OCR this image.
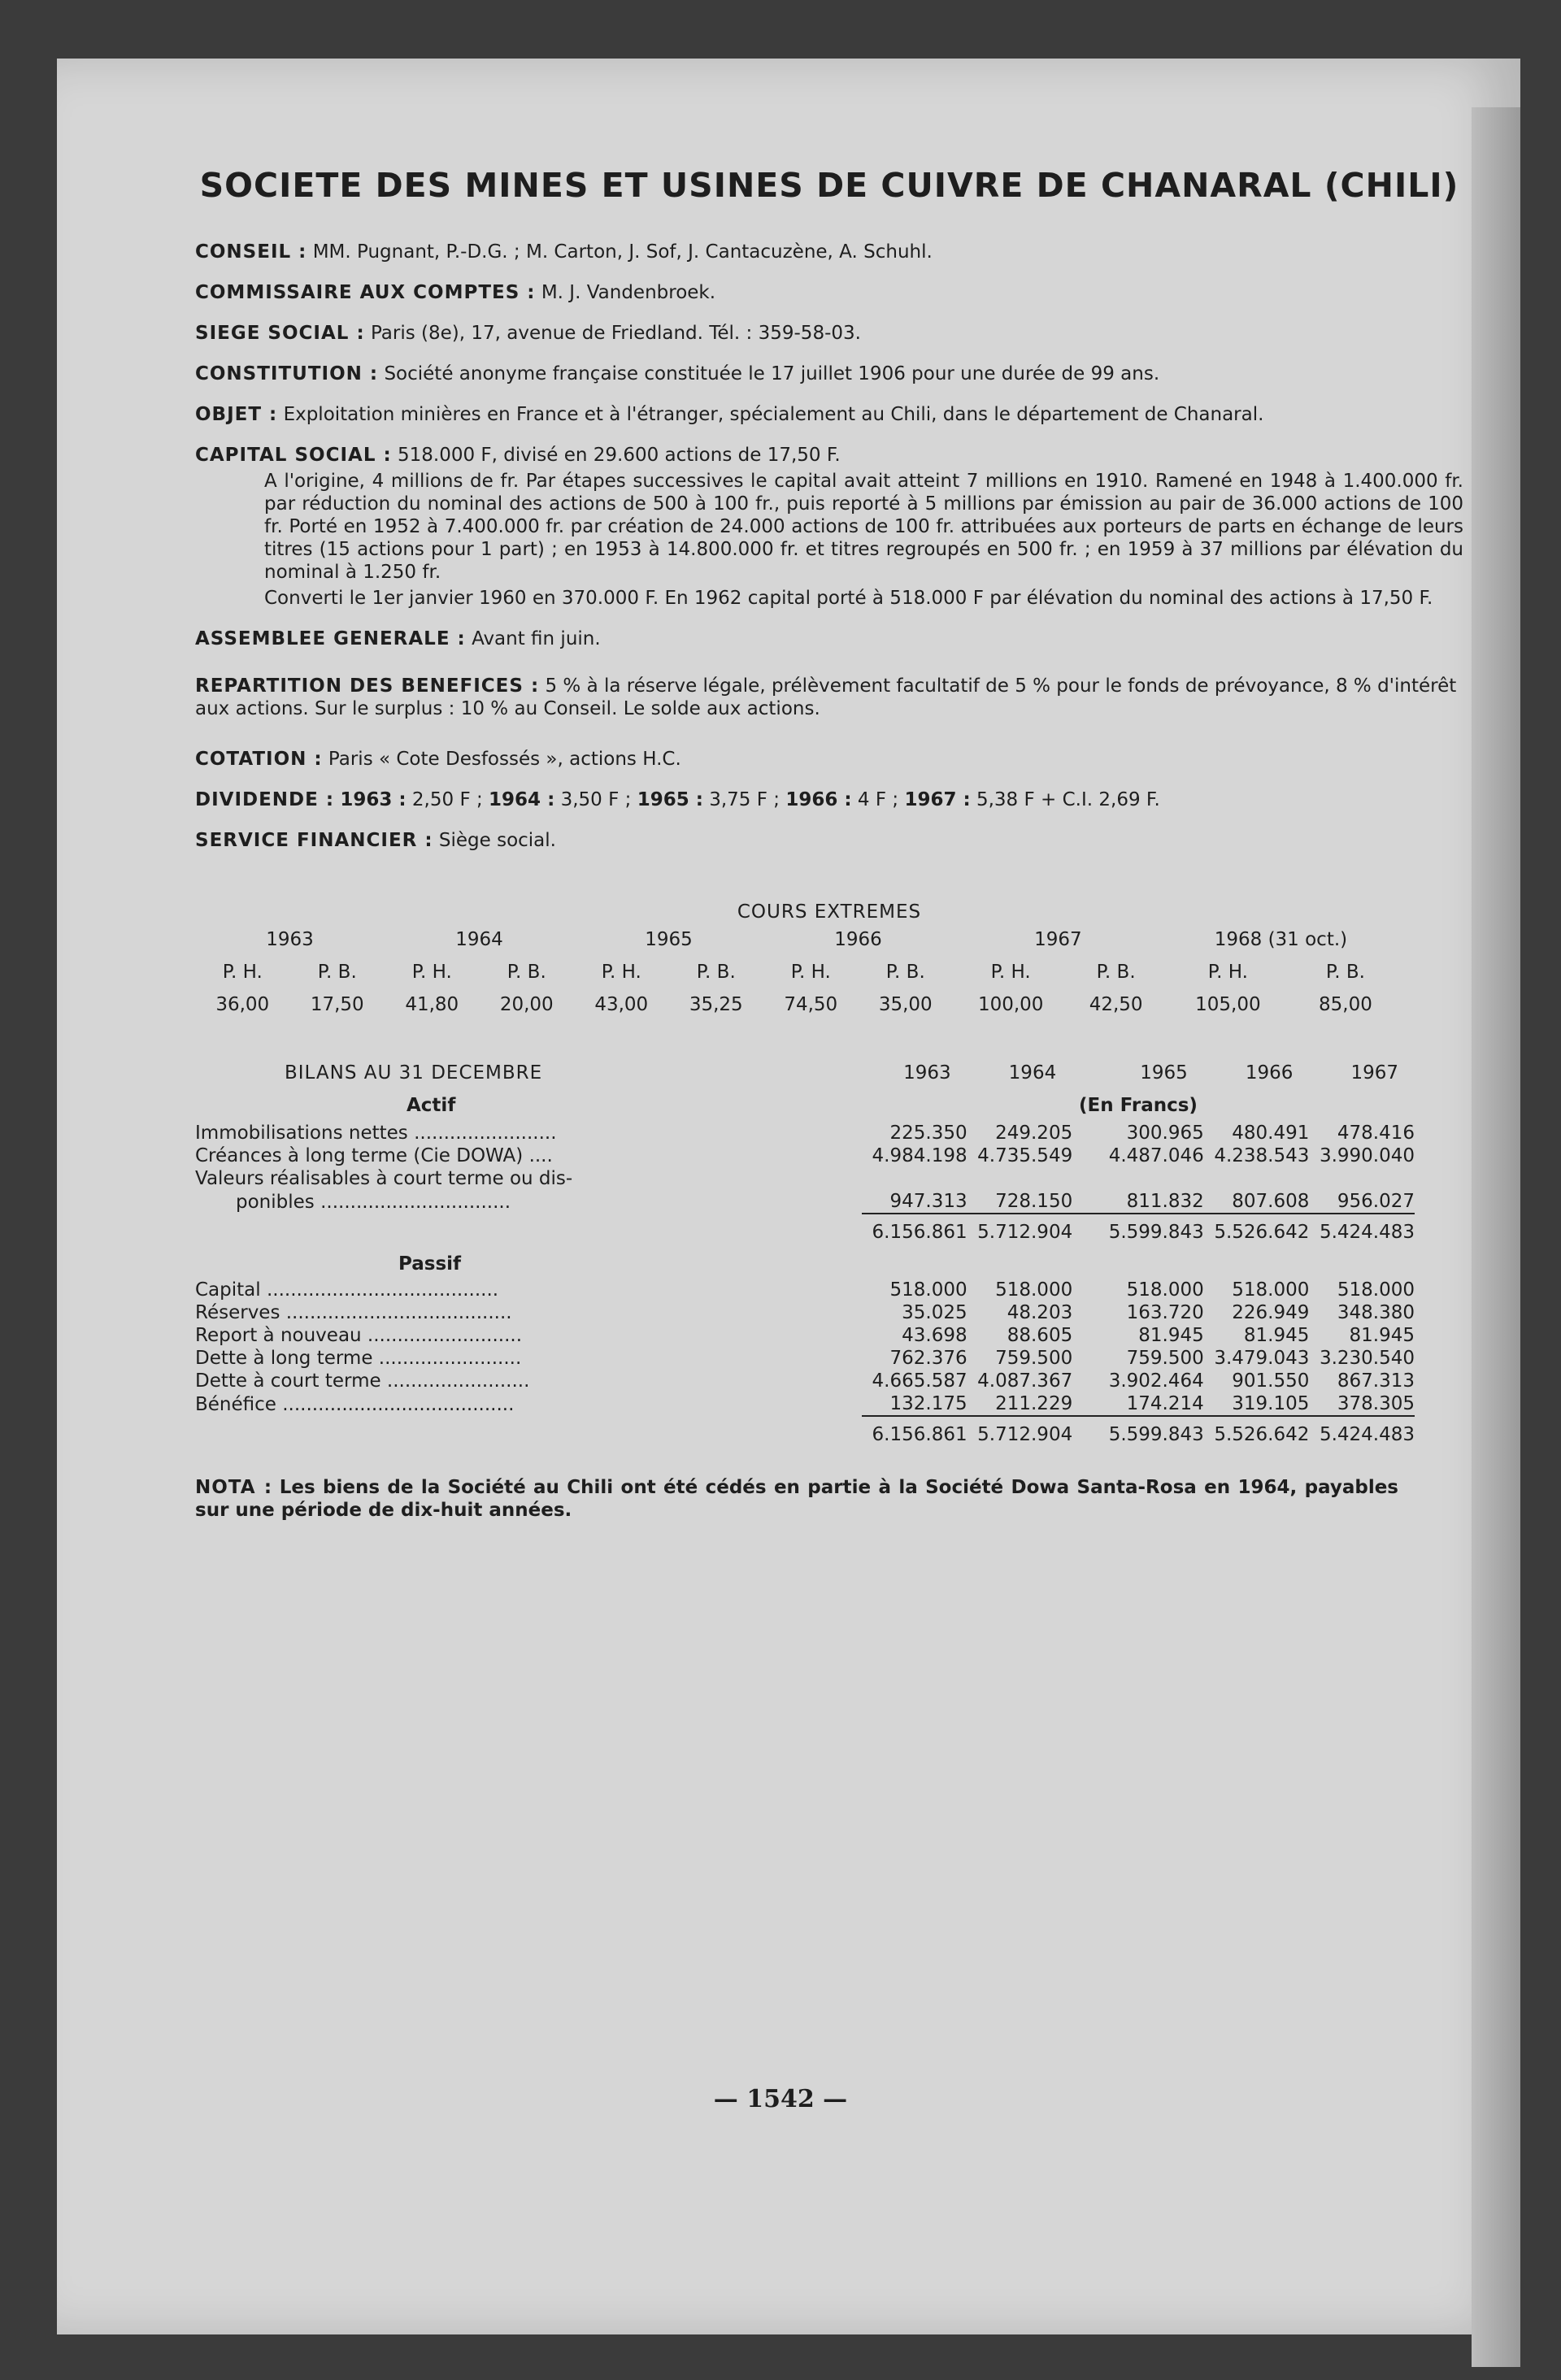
SOCIETE DES MINES ET USINES DE CUIVRE DE CHANARAL (CHILI)
CONSEIL : MM. Pugnant, P.-D.G. ; M. Carton, J. Sof, J. Cantacuzène, A. Schuhl.
COMMISSAIRE AUX COMPTES : M. J. Vandenbroek.
SIEGE SOCIAL : Paris (8e), 17, avenue de Friedland. Tél. : 359-58-03.
CONSTITUTION : Société anonyme française constituée le 17 juillet 1906 pour une durée de 99 ans.
OBJET : Exploitation minières en France et à l'étranger, spécialement au Chili, dans le département de Chanaral.
CAPITAL SOCIAL : 518.000 F, divisé en 29.600 actions de 17,50 F.
A l'origine, 4 millions de fr. Par étapes successives le capital avait atteint 7 millions en 1910. Ramené en 1948 à 1.400.000 fr. par réduction du nominal des actions de 500 à 100 fr., puis reporté à 5 millions par émission au pair de 36.000 actions de 100 fr. Porté en 1952 à 7.400.000 fr. par création de 24.000 actions de 100 fr. attribuées aux porteurs de parts en échange de leurs titres (15 actions pour 1 part) ; en 1953 à 14.800.000 fr. et titres regroupés en 500 fr. ; en 1959 à 37 millions par élévation du nominal à 1.250 fr.
Converti le 1er janvier 1960 en 370.000 F. En 1962 capital porté à 518.000 F par élévation du nominal des actions à 17,50 F.
ASSEMBLEE GENERALE : Avant fin juin.
REPARTITION DES BENEFICES : 5 % à la réserve légale, prélèvement facultatif de 5 % pour le fonds de prévoyance, 8 % d'intérêt aux actions. Sur le surplus : 10 % au Conseil. Le solde aux actions.
COTATION : Paris « Cote Desfossés », actions H.C.
DIVIDENDE : 1963 : 2,50 F ; 1964 : 3,50 F ; 1965 : 3,75 F ; 1966 : 4 F ; 1967 : 5,38 F + C.I. 2,69 F.
SERVICE FINANCIER : Siège social.
COURS EXTREMES
1963		1964		1965		1966		1967		1968 (31 oct.)	
P. H.	P. B.	P. H.	P. B.	P. H.	P. B.	P. H.	P. B.	P. H.	P. B.	P. H.	P. B.
36,00	17,50	41,80	20,00	43,00	35,25	74,50	35,00	100,00	42,50	105,00	85,00
BILANS AU 31 DECEMBRE	1963	1964	1965	1966	1967
Actif			(En Francs)		
Immobilisations nettes ........................	225.350	249.205	300.965	480.491	478.416
Créances à long terme (Cie DOWA) ....	4.984.198	4.735.549	4.487.046	4.238.543	3.990.040
Valeurs réalisables à court terme ou dis-					
ponibles ................................	947.313	728.150	811.832	807.608	956.027
	6.156.861	5.712.904	5.599.843	5.526.642	5.424.483
Passif					
Capital .......................................	518.000	518.000	518.000	518.000	518.000
Réserves ......................................	35.025	48.203	163.720	226.949	348.380
Report à nouveau ..........................	43.698	88.605	81.945	81.945	81.945
Dette à long terme ........................	762.376	759.500	759.500	3.479.043	3.230.540
Dette à court terme ........................	4.665.587	4.087.367	3.902.464	901.550	867.313
Bénéfice .......................................	132.175	211.229	174.214	319.105	378.305
	6.156.861	5.712.904	5.599.843	5.526.642	5.424.483
NOTA : Les biens de la Société au Chili ont été cédés en partie à la Société Dowa Santa-Rosa en 1964, payables sur une période de dix-huit années.
— 1542 —
